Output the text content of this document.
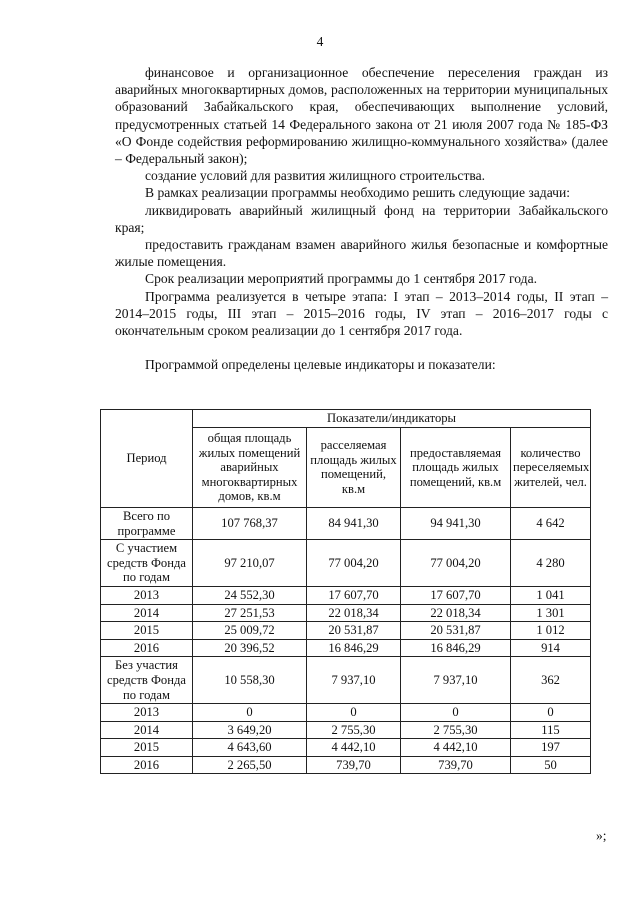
4

финансовое и организационное обеспечение переселения граждан из аварийных многоквартирных домов, расположенных на территории муниципальных образований Забайкальского края, обеспечивающих выполнение условий, предусмотренных статьей 14 Федерального закона от 21 июля 2007 года № 185-ФЗ «О Фонде содействия реформированию жилищно-коммунального хозяйства» (далее – Федеральный закон);

создание условий для развития жилищного строительства.

В рамках реализации программы необходимо решить следующие задачи:

ликвидировать аварийный жилищный фонд на территории Забайкальского края;

предоставить гражданам взамен аварийного жилья безопасные и комфортные жилые помещения.

Срок реализации мероприятий программы до 1 сентября 2017 года.

Программа реализуется в четыре этапа: I этап – 2013–2014 годы, II этап – 2014–2015 годы, III этап – 2015–2016 годы, IV этап – 2016–2017 годы с окончательным сроком реализации до 1 сентября 2017 года.

Программой определены целевые индикаторы и показатели:

Период	Показатели/индикаторы			
	общая площадь жилых помещений аварийных многоквартирных домов, кв.м	расселяемая площадь жилых помещений, кв.м	предоставляемая площадь жилых помещений, кв.м	количество переселяемых жителей, чел.
Всего по программе	107 768,37	84 941,30	94 941,30	4 642
С участием средств Фонда по годам	97 210,07	77 004,20	77 004,20	4 280
2013	24 552,30	17 607,70	17 607,70	1 041
2014	27 251,53	22 018,34	22 018,34	1 301
2015	25 009,72	20 531,87	20 531,87	1 012
2016	20 396,52	16 846,29	16 846,29	914
Без участия средств Фонда по годам	10 558,30	7 937,10	7 937,10	362
2013	0	0	0	0
2014	3 649,20	2 755,30	2 755,30	115
2015	4 643,60	4 442,10	4 442,10	197
2016	2 265,50	739,70	739,70	50
»;
